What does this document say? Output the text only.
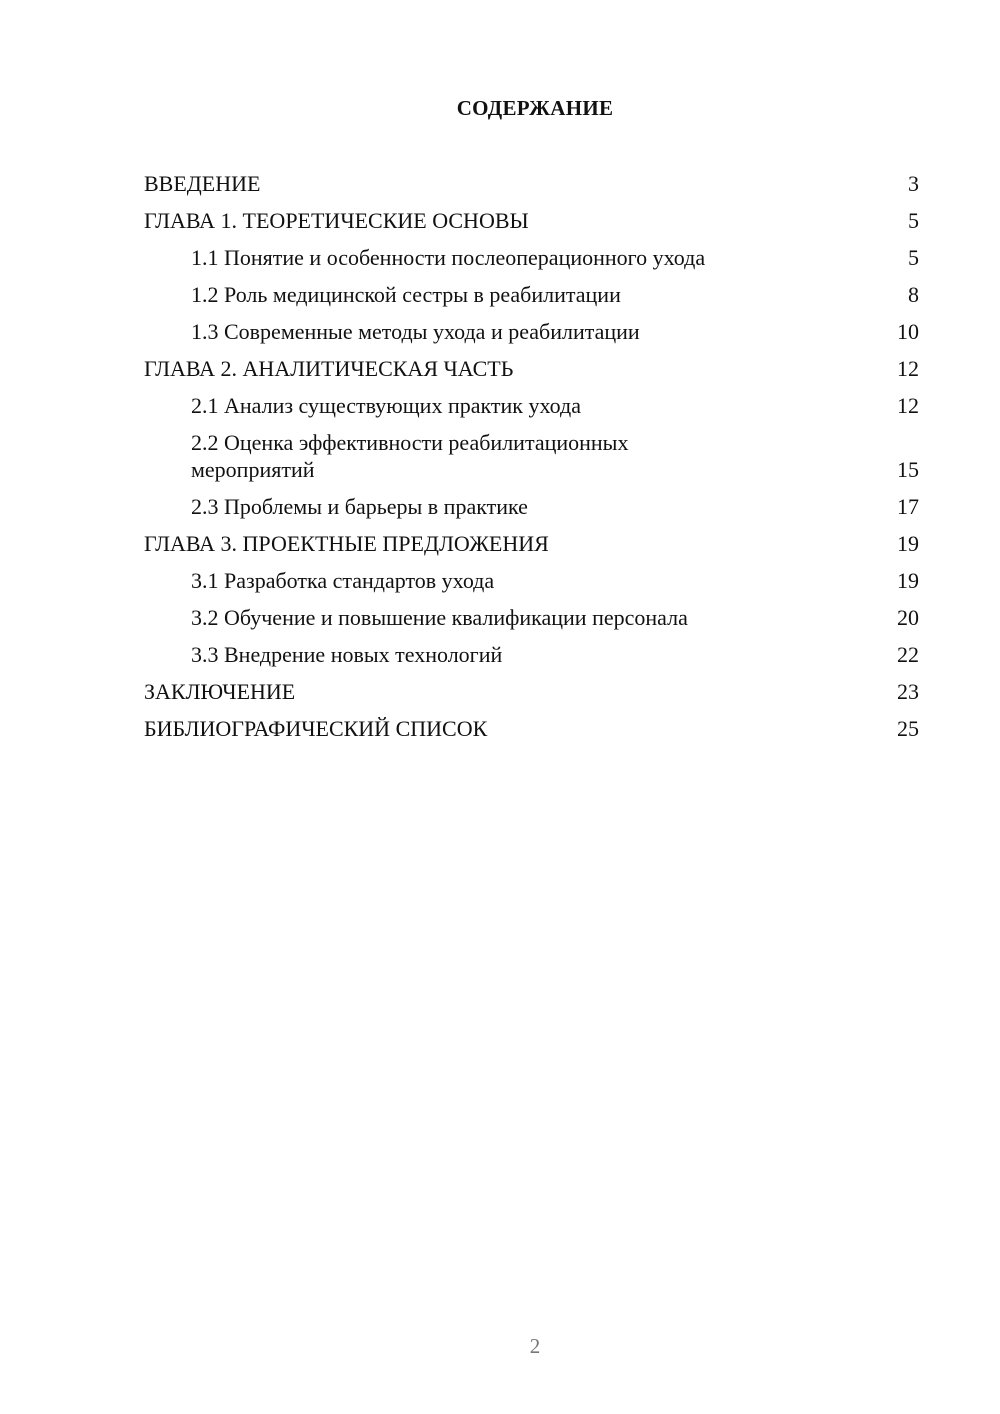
СОДЕРЖАНИЕ
ВВЕДЕНИЕ	3
ГЛАВА 1. ТЕОРЕТИЧЕСКИЕ ОСНОВЫ	5
1.1 Понятие и особенности послеоперационного ухода	5
1.2 Роль медицинской сестры в реабилитации	8
1.3 Современные методы ухода и реабилитации	10
ГЛАВА 2. АНАЛИТИЧЕСКАЯ ЧАСТЬ	12
2.1 Анализ существующих практик ухода	12
2.2 Оценка эффективности реабилитационных мероприятий	15
2.3 Проблемы и барьеры в практике	17
ГЛАВА 3. ПРОЕКТНЫЕ ПРЕДЛОЖЕНИЯ	19
3.1 Разработка стандартов ухода	19
3.2 Обучение и повышение квалификации персонала	20
3.3 Внедрение новых технологий	22
ЗАКЛЮЧЕНИЕ	23
БИБЛИОГРАФИЧЕСКИЙ СПИСОК	25
2
